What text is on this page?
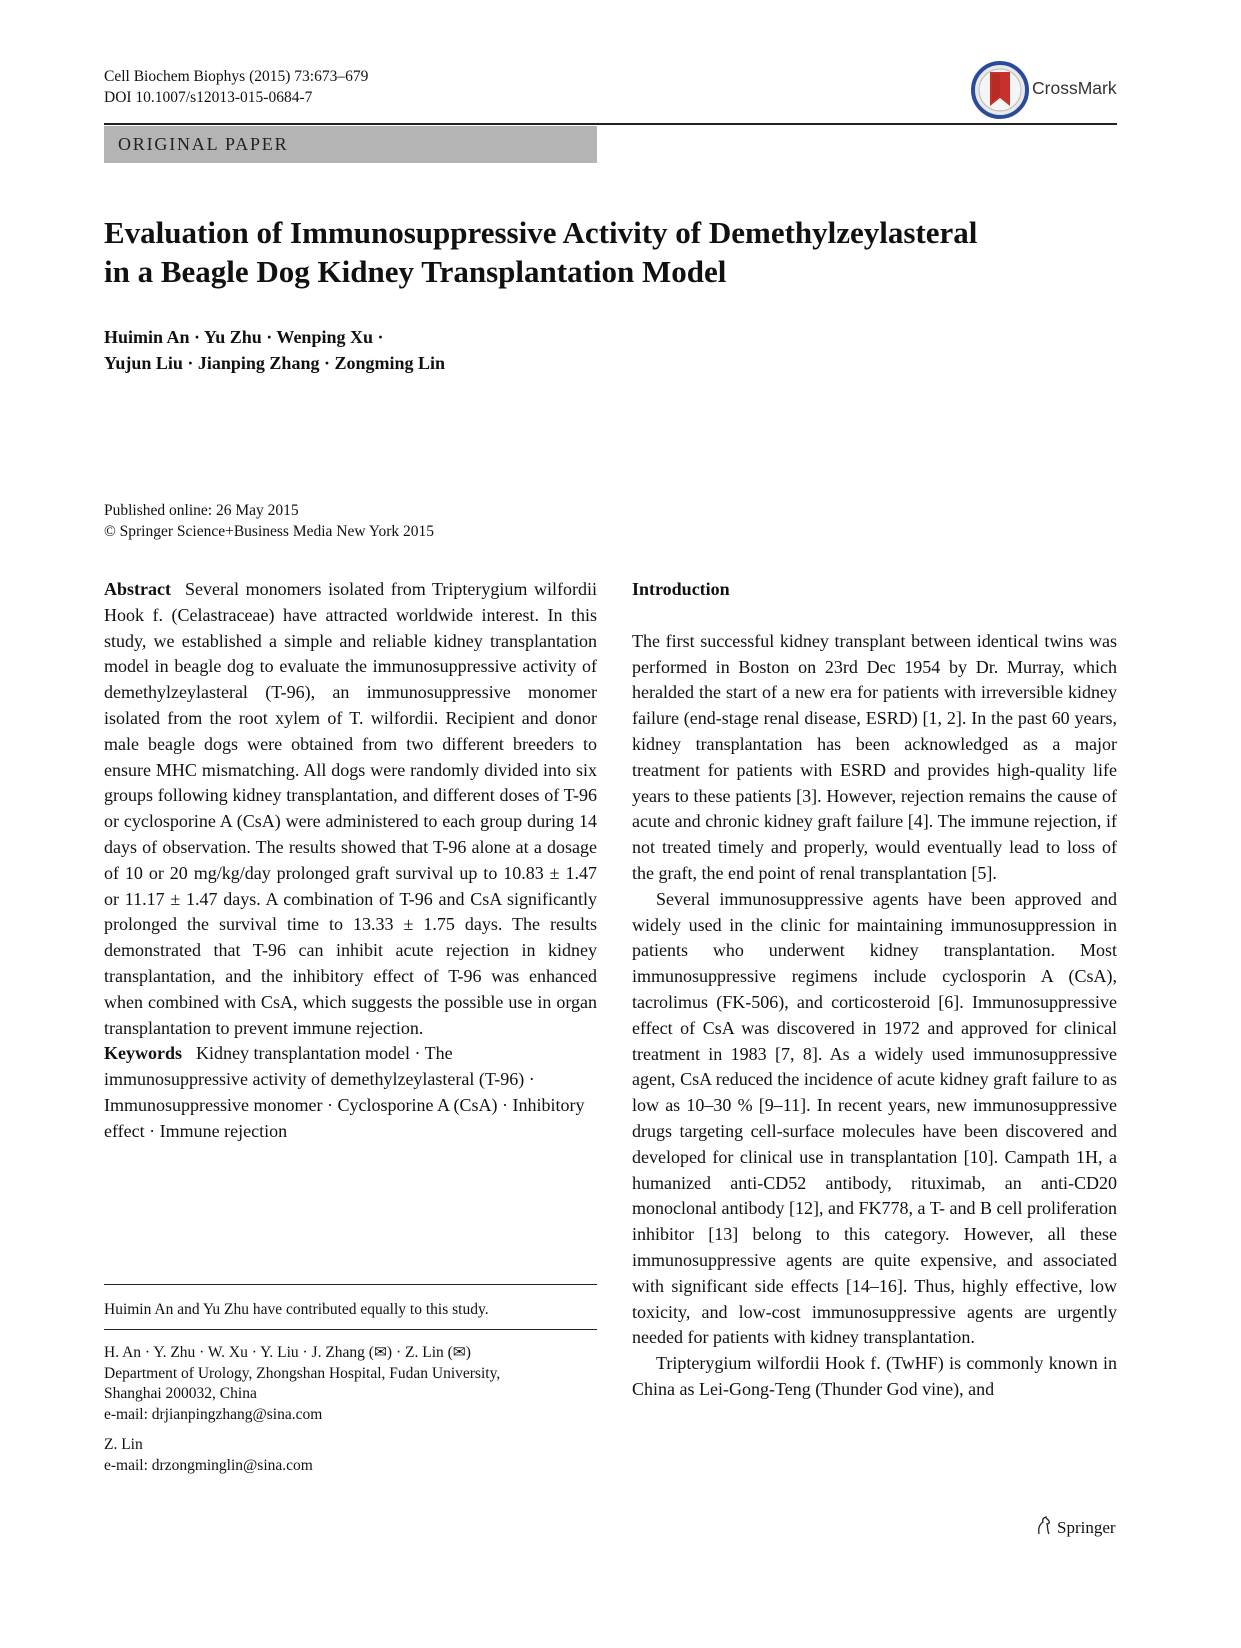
Cell Biochem Biophys (2015) 73:673–679
DOI 10.1007/s12013-015-0684-7	CrossMark
ORIGINAL PAPER
Evaluation of Immunosuppressive Activity of Demethylzeylasteral
in a Beagle Dog Kidney Transplantation Model
Huimin An · Yu Zhu · Wenping Xu ·
Yujun Liu · Jianping Zhang · Zongming Lin
Published online: 26 May 2015
© Springer Science+Business Media New York 2015

Abstract Several monomers isolated from Tripterygium wilfordii Hook f. (Celastraceae) have attracted worldwide interest. In this study, we established a simple and reliable kidney transplantation model in beagle dog to evaluate the immunosuppressive activity of demethylzeylasteral (T-96), an immunosuppressive monomer isolated from the root xylem of T. wilfordii. Recipient and donor male beagle dogs were obtained from two different breeders to ensure MHC mismatching. All dogs were randomly divided into six groups following kidney transplantation, and different doses of T-96 or cyclosporine A (CsA) were administered to each group during 14 days of observation. The results showed that T-96 alone at a dosage of 10 or 20 mg/kg/day prolonged graft survival up to 10.83 ± 1.47 or 11.17 ± 1.47 days. A combination of T-96 and CsA significantly prolonged the survival time to 13.33 ± 1.75 days. The results demonstrated that T-96 can inhibit acute rejection in kidney transplantation, and the inhibitory effect of T-96 was enhanced when combined with CsA, which suggests the possible use in organ transplantation to prevent immune rejection.

Keywords Kidney transplantation model · The immunosuppressive activity of demethylzeylasteral (T-96) · Immunosuppressive monomer · Cyclosporine A (CsA) · Inhibitory effect · Immune rejection

Huimin An and Yu Zhu have contributed equally to this study.
H. An · Y. Zhu · W. Xu · Y. Liu · J. Zhang (✉) · Z. Lin (✉)
Department of Urology, Zhongshan Hospital, Fudan University,
Shanghai 200032, China
e-mail: drjianpingzhang@sina.com
Z. Lin
e-mail: drzongminglin@sina.com

Introduction

The first successful kidney transplant between identical twins was performed in Boston on 23rd Dec 1954 by Dr. Murray, which heralded the start of a new era for patients with irreversible kidney failure (end-stage renal disease, ESRD) [1, 2]. In the past 60 years, kidney transplantation has been acknowledged as a major treatment for patients with ESRD and provides high-quality life years to these patients [3]. However, rejection remains the cause of acute and chronic kidney graft failure [4]. The immune rejection, if not treated timely and properly, would eventually lead to loss of the graft, the end point of renal transplantation [5].

Several immunosuppressive agents have been approved and widely used in the clinic for maintaining immunosuppression in patients who underwent kidney transplantation. Most immunosuppressive regimens include cyclosporin A (CsA), tacrolimus (FK-506), and corticosteroid [6]. Immunosuppressive effect of CsA was discovered in 1972 and approved for clinical treatment in 1983 [7, 8]. As a widely used immunosuppressive agent, CsA reduced the incidence of acute kidney graft failure to as low as 10–30 % [9–11]. In recent years, new immunosuppressive drugs targeting cell-surface molecules have been discovered and developed for clinical use in transplantation [10]. Campath 1H, a humanized anti-CD52 antibody, rituximab, an anti-CD20 monoclonal antibody [12], and FK778, a T- and B cell proliferation inhibitor [13] belong to this category. However, all these immunosuppressive agents are quite expensive, and associated with significant side effects [14–16]. Thus, highly effective, low toxicity, and low-cost immunosuppressive agents are urgently needed for patients with kidney transplantation.

Tripterygium wilfordii Hook f. (TwHF) is commonly known in China as Lei-Gong-Teng (Thunder God vine), and

Springer
